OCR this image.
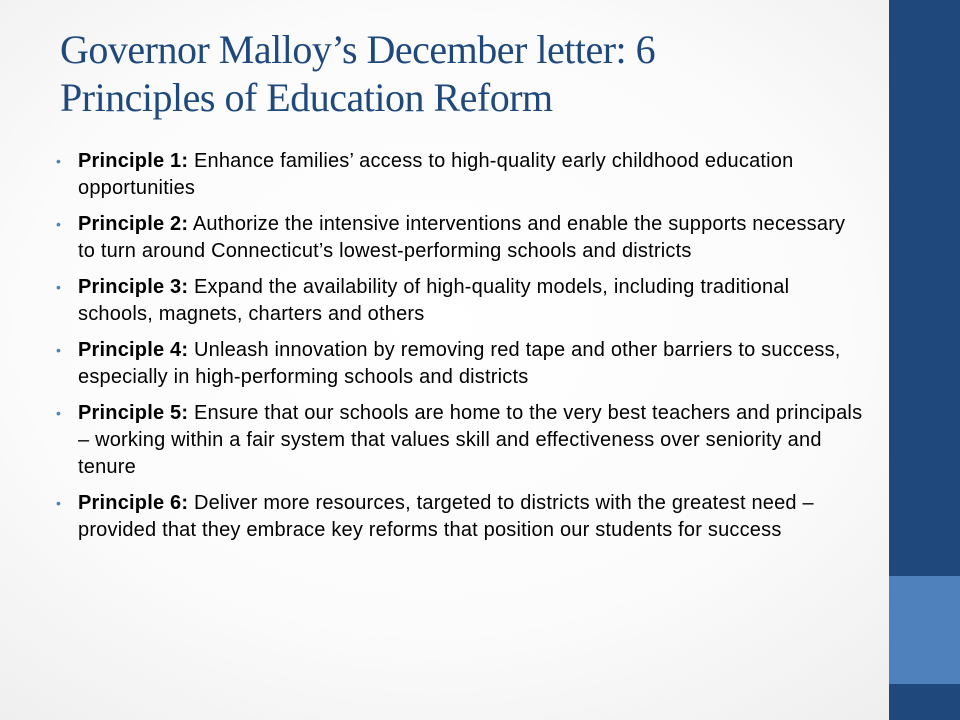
Governor Malloy’s December letter: 6
Principles of Education Reform
• Principle 1: Enhance families’ access to high-quality early childhood education opportunities
• Principle 2: Authorize the intensive interventions and enable the supports necessary to turn around Connecticut’s lowest-performing schools and districts
• Principle 3: Expand the availability of high-quality models, including traditional schools, magnets, charters and others
• Principle 4: Unleash innovation by removing red tape and other barriers to success, especially in high-performing schools and districts
• Principle 5: Ensure that our schools are home to the very best teachers and principals – working within a fair system that values skill and effectiveness over seniority and tenure
• Principle 6: Deliver more resources, targeted to districts with the greatest need – provided that they embrace key reforms that position our students for success
